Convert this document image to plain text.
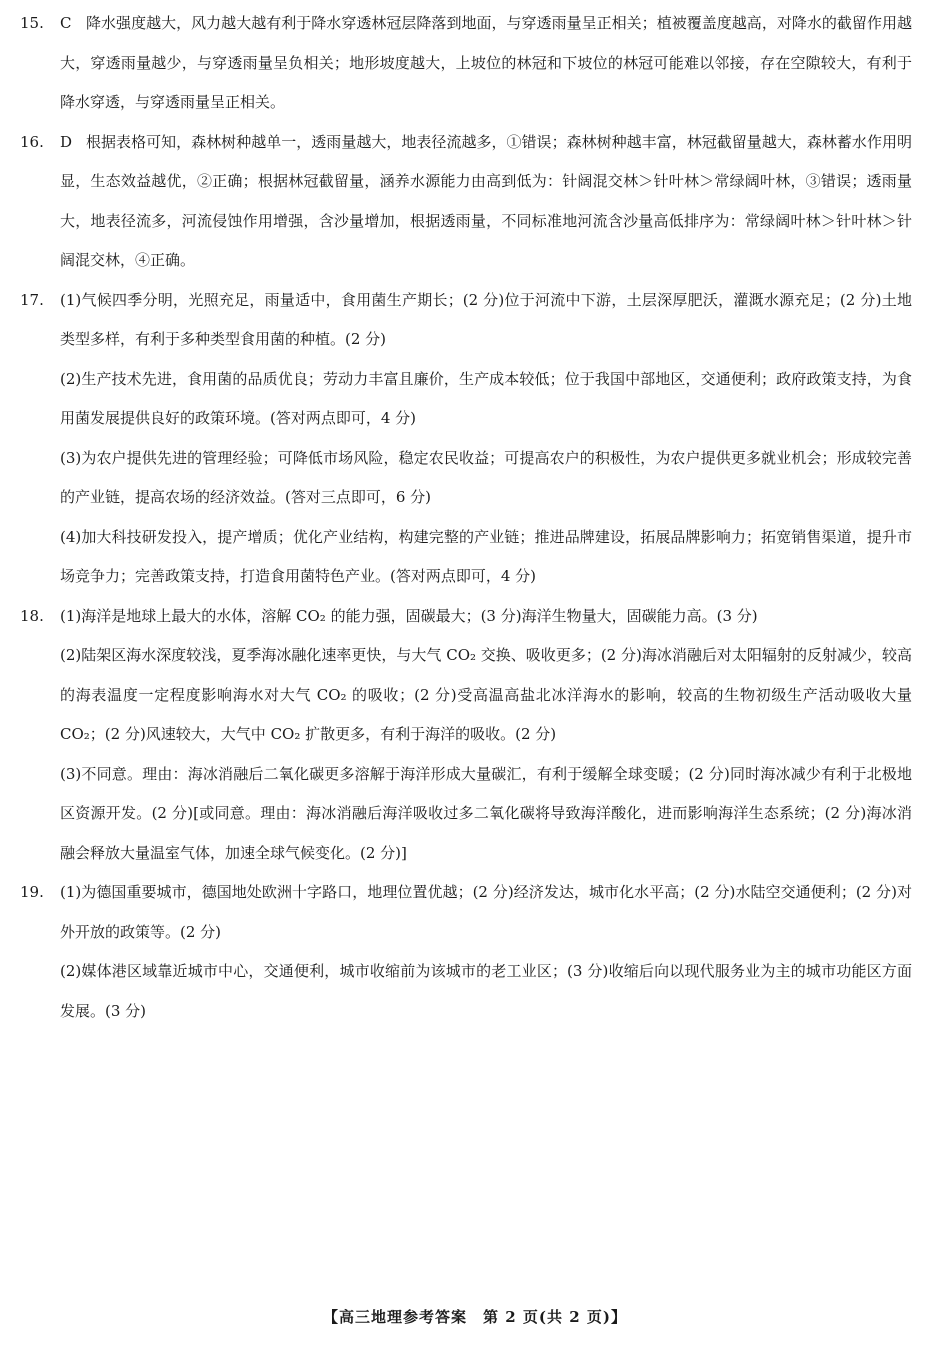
15. C 降水强度越大，风力越大越有利于降水穿透林冠层降落到地面，与穿透雨量呈正相关；植被覆盖度越高，对降水的截留作用越大，穿透雨量越少，与穿透雨量呈负相关；地形坡度越大，上坡位的林冠和下坡位的林冠可能难以邻接，存在空隙较大，有利于降水穿透，与穿透雨量呈正相关。

16. D 根据表格可知，森林树种越单一，透雨量越大，地表径流越多，①错误；森林树种越丰富，林冠截留量越大，森林蓄水作用明显，生态效益越优，②正确；根据林冠截留量，涵养水源能力由高到低为：针阔混交林＞针叶林＞常绿阔叶林，③错误；透雨量大，地表径流多，河流侵蚀作用增强，含沙量增加，根据透雨量，不同标准地河流含沙量高低排序为：常绿阔叶林＞针叶林＞针阔混交林，④正确。

17. (1)气候四季分明，光照充足，雨量适中，食用菌生产期长；(2 分)位于河流中下游，土层深厚肥沃，灌溉水源充足；(2 分)土地类型多样，有利于多种类型食用菌的种植。(2 分)

(2)生产技术先进，食用菌的品质优良；劳动力丰富且廉价，生产成本较低；位于我国中部地区，交通便利；政府政策支持，为食用菌发展提供良好的政策环境。(答对两点即可，4 分)

(3)为农户提供先进的管理经验；可降低市场风险，稳定农民收益；可提高农户的积极性，为农户提供更多就业机会；形成较完善的产业链，提高农场的经济效益。(答对三点即可，6 分)

(4)加大科技研发投入，提产增质；优化产业结构，构建完整的产业链；推进品牌建设，拓展品牌影响力；拓宽销售渠道，提升市场竞争力；完善政策支持，打造食用菌特色产业。(答对两点即可，4 分)

18. (1)海洋是地球上最大的水体，溶解 CO₂ 的能力强，固碳最大；(3 分)海洋生物量大，固碳能力高。(3 分)

(2)陆架区海水深度较浅，夏季海冰融化速率更快，与大气 CO₂ 交换、吸收更多；(2 分)海冰消融后对太阳辐射的反射减少，较高的海表温度一定程度影响海水对大气 CO₂ 的吸收；(2 分)受高温高盐北冰洋海水的影响，较高的生物初级生产活动吸收大量 CO₂；(2 分)风速较大，大气中 CO₂ 扩散更多，有利于海洋的吸收。(2 分)

(3)不同意。理由：海冰消融后二氧化碳更多溶解于海洋形成大量碳汇，有利于缓解全球变暖；(2 分)同时海冰减少有利于北极地区资源开发。(2 分)[或同意。理由：海冰消融后海洋吸收过多二氧化碳将导致海洋酸化，进而影响海洋生态系统；(2 分)海冰消融会释放大量温室气体，加速全球气候变化。(2 分)]

19. (1)为德国重要城市，德国地处欧洲十字路口，地理位置优越；(2 分)经济发达，城市化水平高；(2 分)水陆空交通便利；(2 分)对外开放的政策等。(2 分)

(2)媒体港区域靠近城市中心，交通便利，城市收缩前为该城市的老工业区；(3 分)收缩后向以现代服务业为主的城市功能区方面发展。(3 分)

【高三地理参考答案　第 2 页(共 2 页)】
